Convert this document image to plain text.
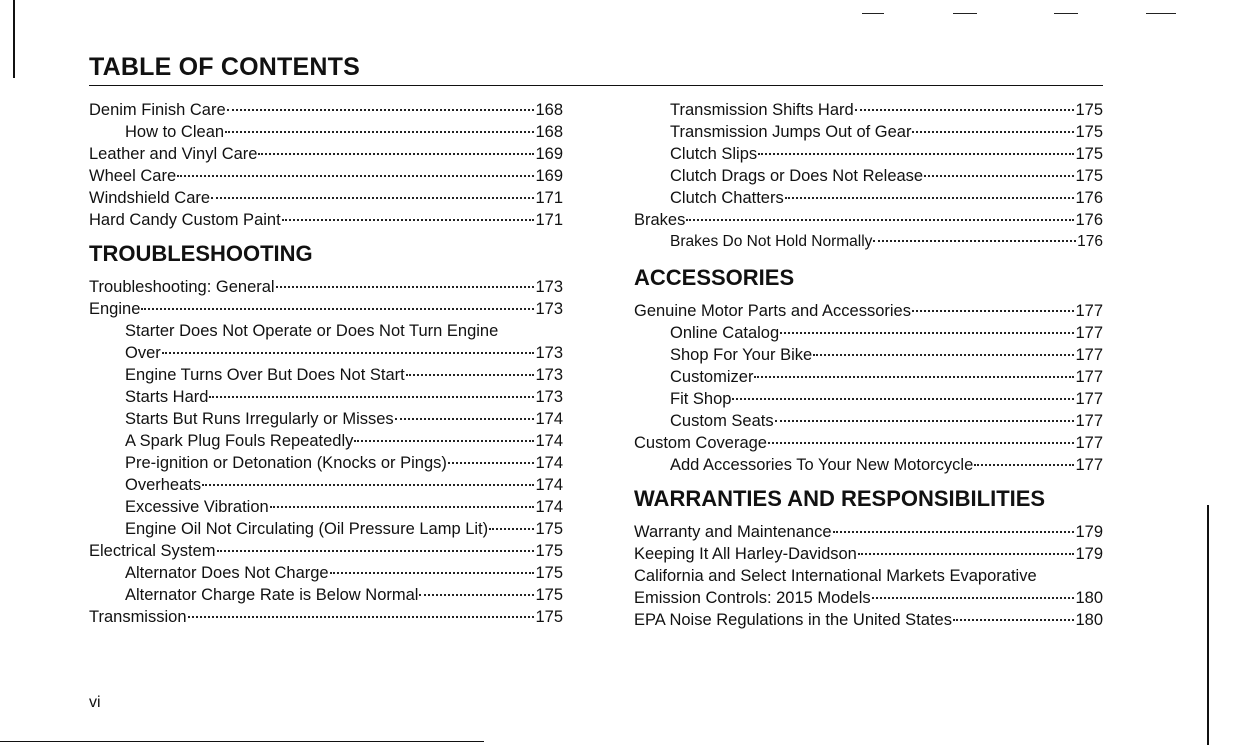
TABLE OF CONTENTS
Denim Finish Care	168
How to Clean	168
Leather and Vinyl Care	169
Wheel Care	169
Windshield Care	171
Hard Candy Custom Paint	171
TROUBLESHOOTING
Troubleshooting: General	173
Engine	173
Starter Does Not Operate or Does Not Turn Engine
Over	173
Engine Turns Over But Does Not Start	173
Starts Hard	173
Starts But Runs Irregularly or Misses	174
A Spark Plug Fouls Repeatedly	174
Pre-ignition or Detonation (Knocks or Pings)	174
Overheats	174
Excessive Vibration	174
Engine Oil Not Circulating (Oil Pressure Lamp Lit)	175
Electrical System	175
Alternator Does Not Charge	175
Alternator Charge Rate is Below Normal	175
Transmission	175
Transmission Shifts Hard	175
Transmission Jumps Out of Gear	175
Clutch Slips	175
Clutch Drags or Does Not Release	175
Clutch Chatters	176
Brakes	176
Brakes Do Not Hold Normally	176
ACCESSORIES
Genuine Motor Parts and Accessories	177
Online Catalog	177
Shop For Your Bike	177
Customizer	177
Fit Shop	177
Custom Seats	177
Custom Coverage	177
Add Accessories To Your New Motorcycle	177
WARRANTIES AND RESPONSIBILITIES
Warranty and Maintenance	179
Keeping It All Harley-Davidson	179
California and Select International Markets Evaporative
Emission Controls: 2015 Models	180
EPA Noise Regulations in the United States	180
vi
